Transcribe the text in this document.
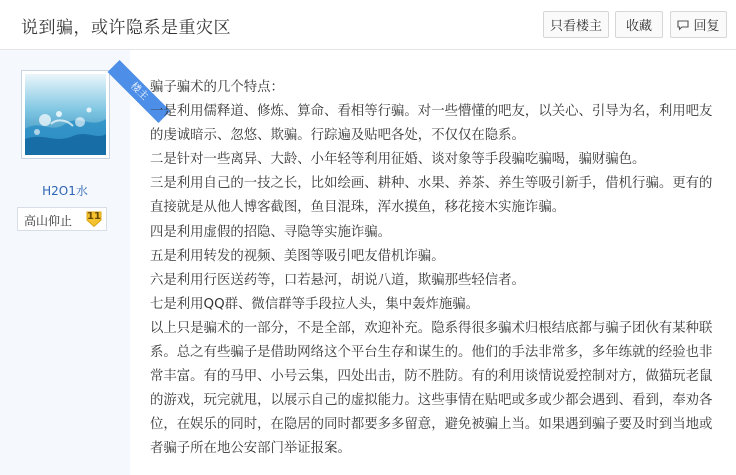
说到骗，或许隐系是重灾区	只看楼主	收藏	回复
楼主
H2O1水
高山仰止 11

骗子骗术的几个特点：

一是利用儒释道、修炼、算命、看相等行骗。对一些懵懂的吧友，以关心、引导为名，利用吧友的虔诚暗示、忽悠、欺骗。行踪遍及贴吧各处，不仅仅在隐系。

二是针对一些离异、大龄、小年轻等利用征婚、谈对象等手段骗吃骗喝，骗财骗色。

三是利用自己的一技之长，比如绘画、耕种、水果、养茶、养生等吸引新手，借机行骗。更有的直接就是从他人博客截图，鱼目混珠，浑水摸鱼，移花接木实施诈骗。

四是利用虚假的招隐、寻隐等实施诈骗。

五是利用转发的视频、美图等吸引吧友借机诈骗。

六是利用行医送药等，口若悬河，胡说八道，欺骗那些轻信者。

七是利用QQ群、微信群等手段拉人头，集中轰炸施骗。

以上只是骗术的一部分，不是全部，欢迎补充。隐系得很多骗术归根结底都与骗子团伙有某种联系。总之有些骗子是借助网络这个平台生存和谋生的。他们的手法非常多，多年练就的经验也非常丰富。有的马甲、小号云集，四处出击，防不胜防。有的利用谈情说爱控制对方，做猫玩老鼠的游戏，玩完就甩，以展示自己的虚拟能力。这些事情在贴吧或多或少都会遇到、看到，奉劝各位，在娱乐的同时，在隐居的同时都要多多留意，避免被骗上当。如果遇到骗子要及时到当地或者骗子所在地公安部门举证报案。
